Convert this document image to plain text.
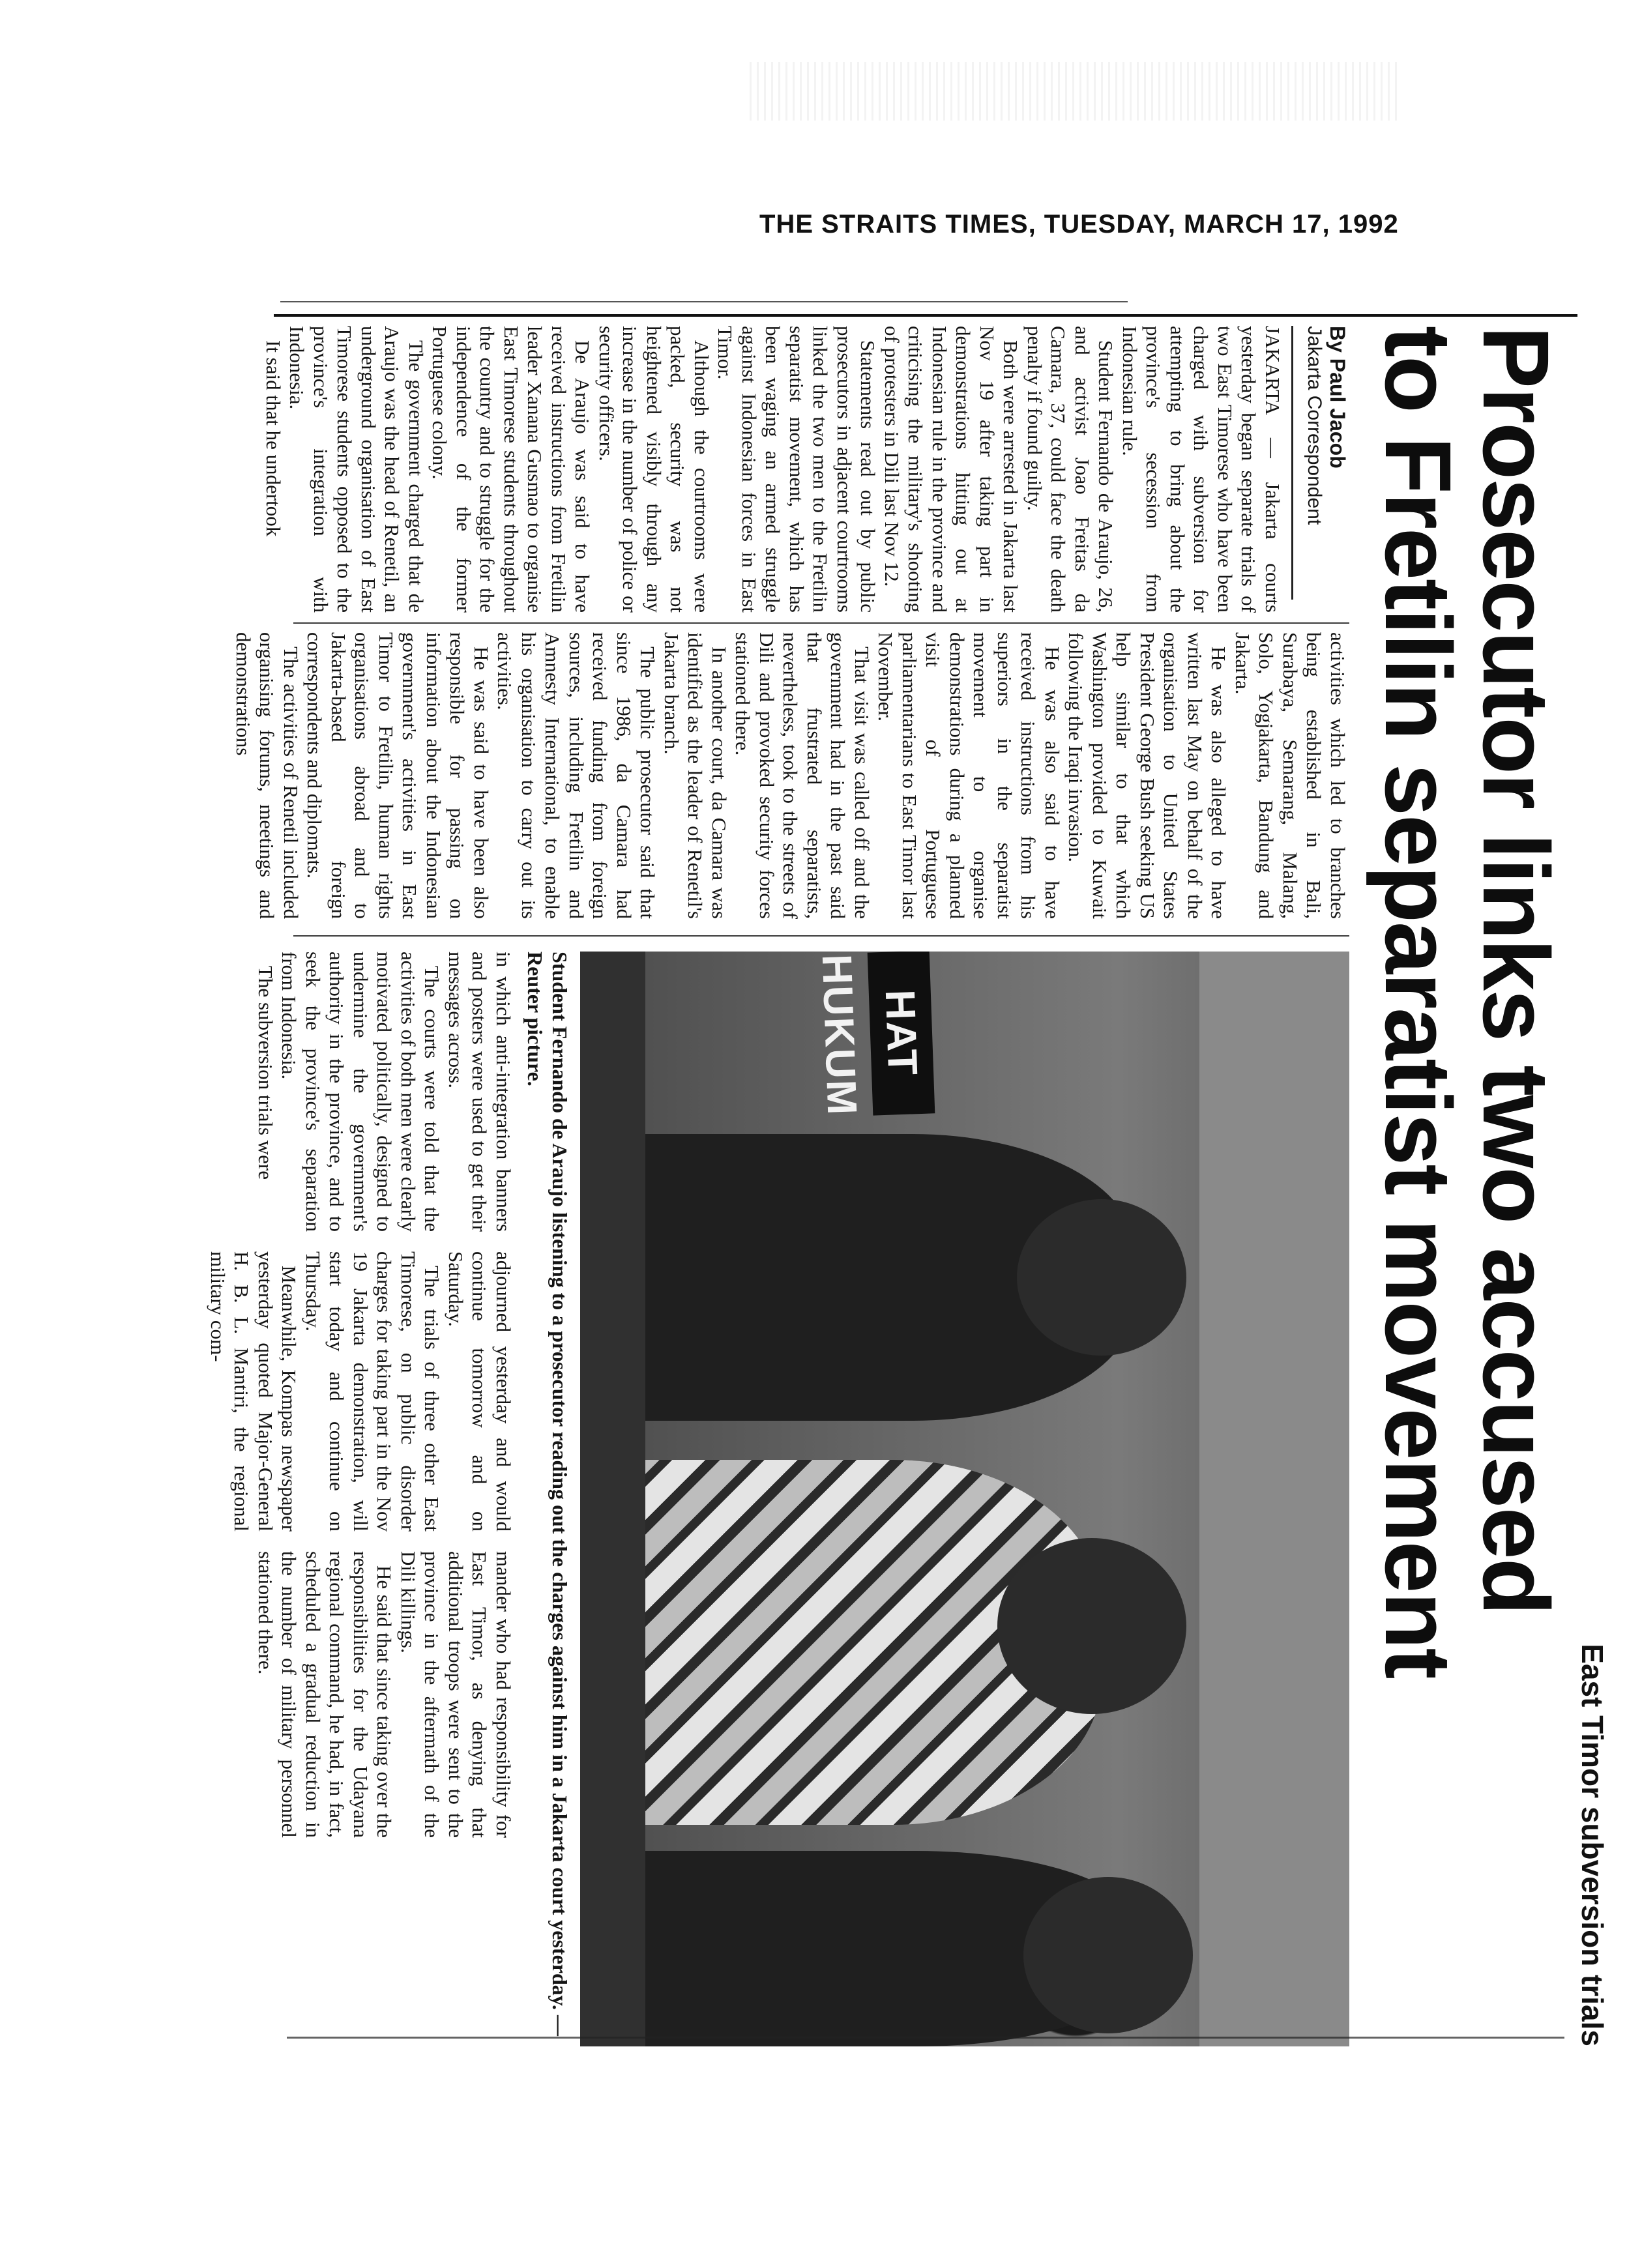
THE STRAITS TIMES, TUESDAY, MARCH 17, 1992
East Timor subversion trials
Prosecutor links two accused
to Fretilin separatist movement
By Paul Jacob
Jakarta Correspondent

JAKARTA — Jakarta courts yesterday began separate trials of two East Timorese who have been charged with subversion for attempting to bring about the province's secession from Indonesian rule.

Student Fernando de Araujo, 26, and activist Joao Freitas da Camara, 37, could face the death penalty if found guilty.

Both were arrested in Jakarta last Nov 19 after taking part in demonstrations hitting out at Indonesian rule in the province and criticising the military's shooting of protesters in Dili last Nov 12.

Statements read out by public prosecutors in adjacent courtrooms linked the two men to the Fretilin separatist movement, which has been waging an armed struggle against Indonesian forces in East Timor.

Although the courtrooms were packed, security was not heightened visibly through any increase in the number of police or security officers.

De Araujo was said to have received instructions from Fretilin leader Xanana Gusmao to organise East Timorese students throughout the country and to struggle for the independence of the former Portuguese colony.

The government charged that de Araujo was the head of Renetil, an underground organisation of East Timorese students opposed to the province's integration with Indonesia.

It said that he undertook

activities which led to branches being established in Bali, Surabaya, Semarang, Malang, Solo, Yogjakarta, Bandung and Jakarta.

He was also alleged to have written last May on behalf of the organisation to United States President George Bush seeking US help similar to that which Washington provided to Kuwait following the Iraqi invasion.

He was also said to have received instructions from his superiors in the separatist movement to organise demonstrations during a planned visit of Portuguese parliamentarians to East Timor last November.

That visit was called off and the government had in the past said that frustrated separatists, nevertheless, took to the streets of Dili and provoked security forces stationed there.

In another court, da Camara was identified as the leader of Renetil's Jakarta branch.

The public prosecutor said that since 1986, da Camara had received funding from foreign sources, including Fretilin and Amnesty International, to enable his organisation to carry out its activities.

He was said to have been also responsible for passing on information about the Indonesian government's activities in East Timor to Fretilin, human rights organisations abroad and to Jakarta-based foreign correspondents and diplomats.

The activities of Renetil included organising forums, meetings and demonstrations

HAT HUKUM
Student Fernando de Araujo listening to a prosecutor reading out the charges against him in a Jakarta court yesterday. — Reuter picture.

in which anti-integration banners and posters were used to get their messages across.

The courts were told that the activities of both men were clearly motivated politically, designed to undermine the government's authority in the province, and to seek the province's separation from Indonesia.

The subversion trials were

adjourned yesterday and would continue tomorrow and on Saturday.

The trials of three other East Timorese, on public disorder charges for taking part in the Nov 19 Jakarta demonstration, will start today and continue on Thursday.

Meanwhile, Kompas newspaper yesterday quoted Major-General H. B. L. Mantiri, the regional military com-

mander who had responsibility for East Timor, as denying that additional troops were sent to the province in the aftermath of the Dili killings.

He said that since taking over the responsibilities for the Udayana regional command, he had, in fact, scheduled a gradual reduction in the number of military personnel stationed there.
